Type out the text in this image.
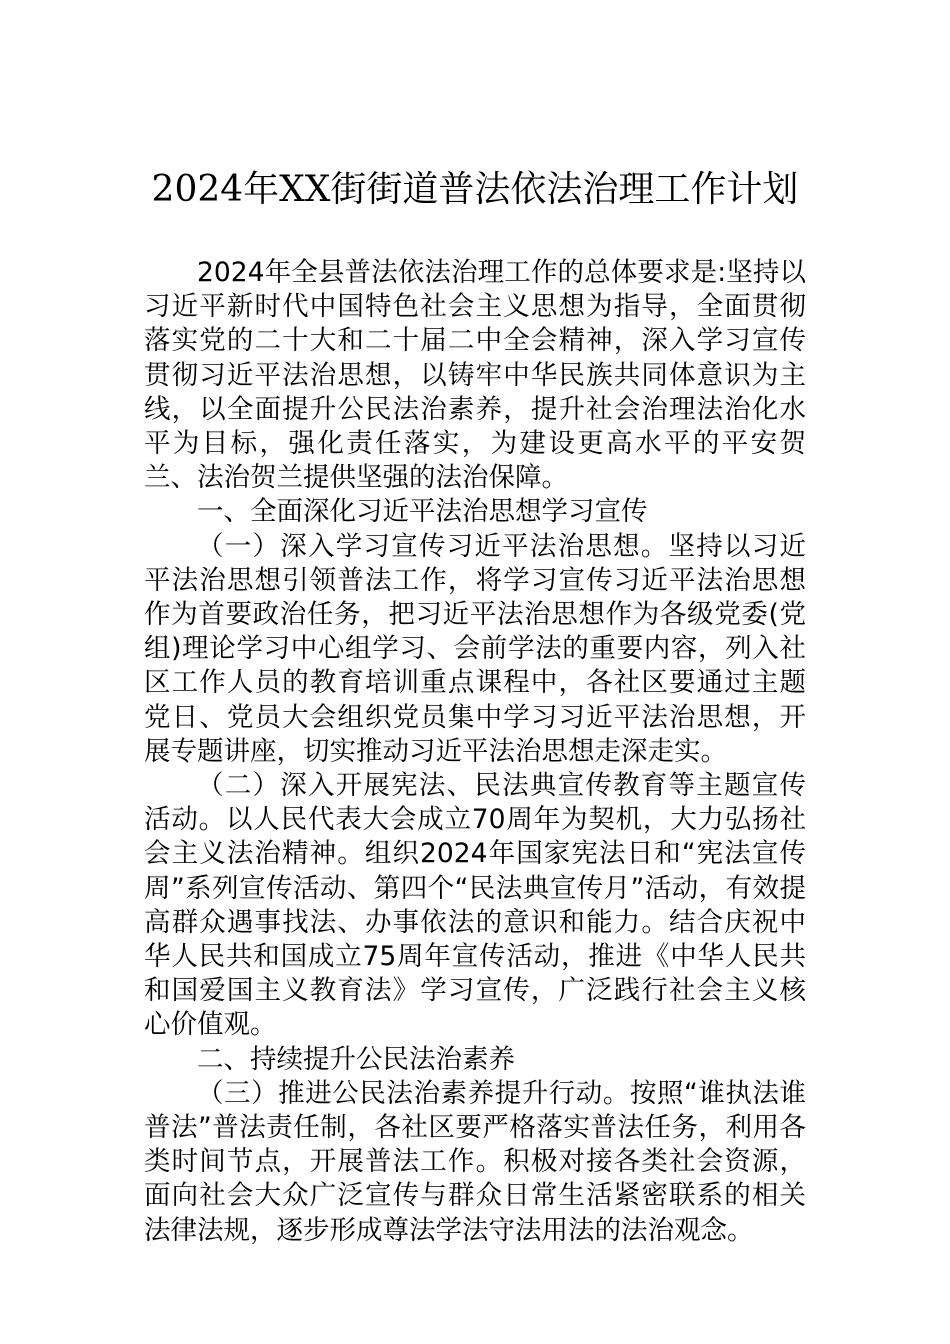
2024年XX街街道普法依法治理工作计划

2024年全县普法依法治理工作的总体要求是:坚持以习近平新时代中国特色社会主义思想为指导，全面贯彻落实党的二十大和二十届二中全会精神，深入学习宣传贯彻习近平法治思想，以铸牢中华民族共同体意识为主线，以全面提升公民法治素养，提升社会治理法治化水平为目标，强化责任落实，为建设更高水平的平安贺兰、法治贺兰提供坚强的法治保障。

一、全面深化习近平法治思想学习宣传

（一）深入学习宣传习近平法治思想。坚持以习近平法治思想引领普法工作，将学习宣传习近平法治思想作为首要政治任务，把习近平法治思想作为各级党委(党组)理论学习中心组学习、会前学法的重要内容，列入社区工作人员的教育培训重点课程中，各社区要通过主题党日、党员大会组织党员集中学习习近平法治思想，开展专题讲座，切实推动习近平法治思想走深走实。

（二）深入开展宪法、民法典宣传教育等主题宣传活动。以人民代表大会成立70周年为契机，大力弘扬社会主义法治精神。组织2024年国家宪法日和“宪法宣传周”系列宣传活动、第四个“民法典宣传月”活动，有效提高群众遇事找法、办事依法的意识和能力。结合庆祝中华人民共和国成立75周年宣传活动，推进《中华人民共和国爱国主义教育法》学习宣传，广泛践行社会主义核心价值观。

二、持续提升公民法治素养

（三）推进公民法治素养提升行动。按照“谁执法谁普法”普法责任制，各社区要严格落实普法任务，利用各类时间节点，开展普法工作。积极对接各类社会资源，面向社会大众广泛宣传与群众日常生活紧密联系的相关法律法规，逐步形成尊法学法守法用法的法治观念。
